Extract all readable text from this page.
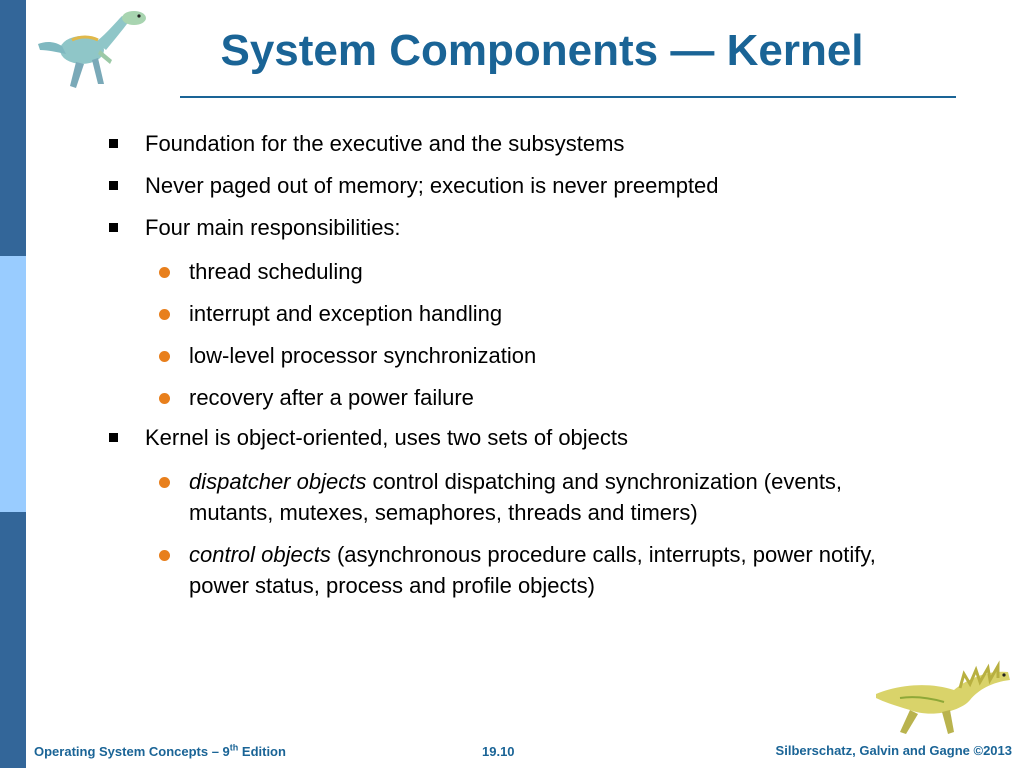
System Components — Kernel
Foundation for the executive and the subsystems
Never paged out of memory; execution is never preempted
Four main responsibilities:
thread scheduling
interrupt and exception handling
low-level processor synchronization
recovery after a power failure
Kernel is object-oriented, uses two sets of objects
dispatcher objects control dispatching and synchronization (events, mutants, mutexes, semaphores, threads and timers)
control objects (asynchronous procedure calls, interrupts, power notify, power status, process and profile objects)
Operating System Concepts – 9th Edition	19.10	Silberschatz, Galvin and Gagne ©2013
